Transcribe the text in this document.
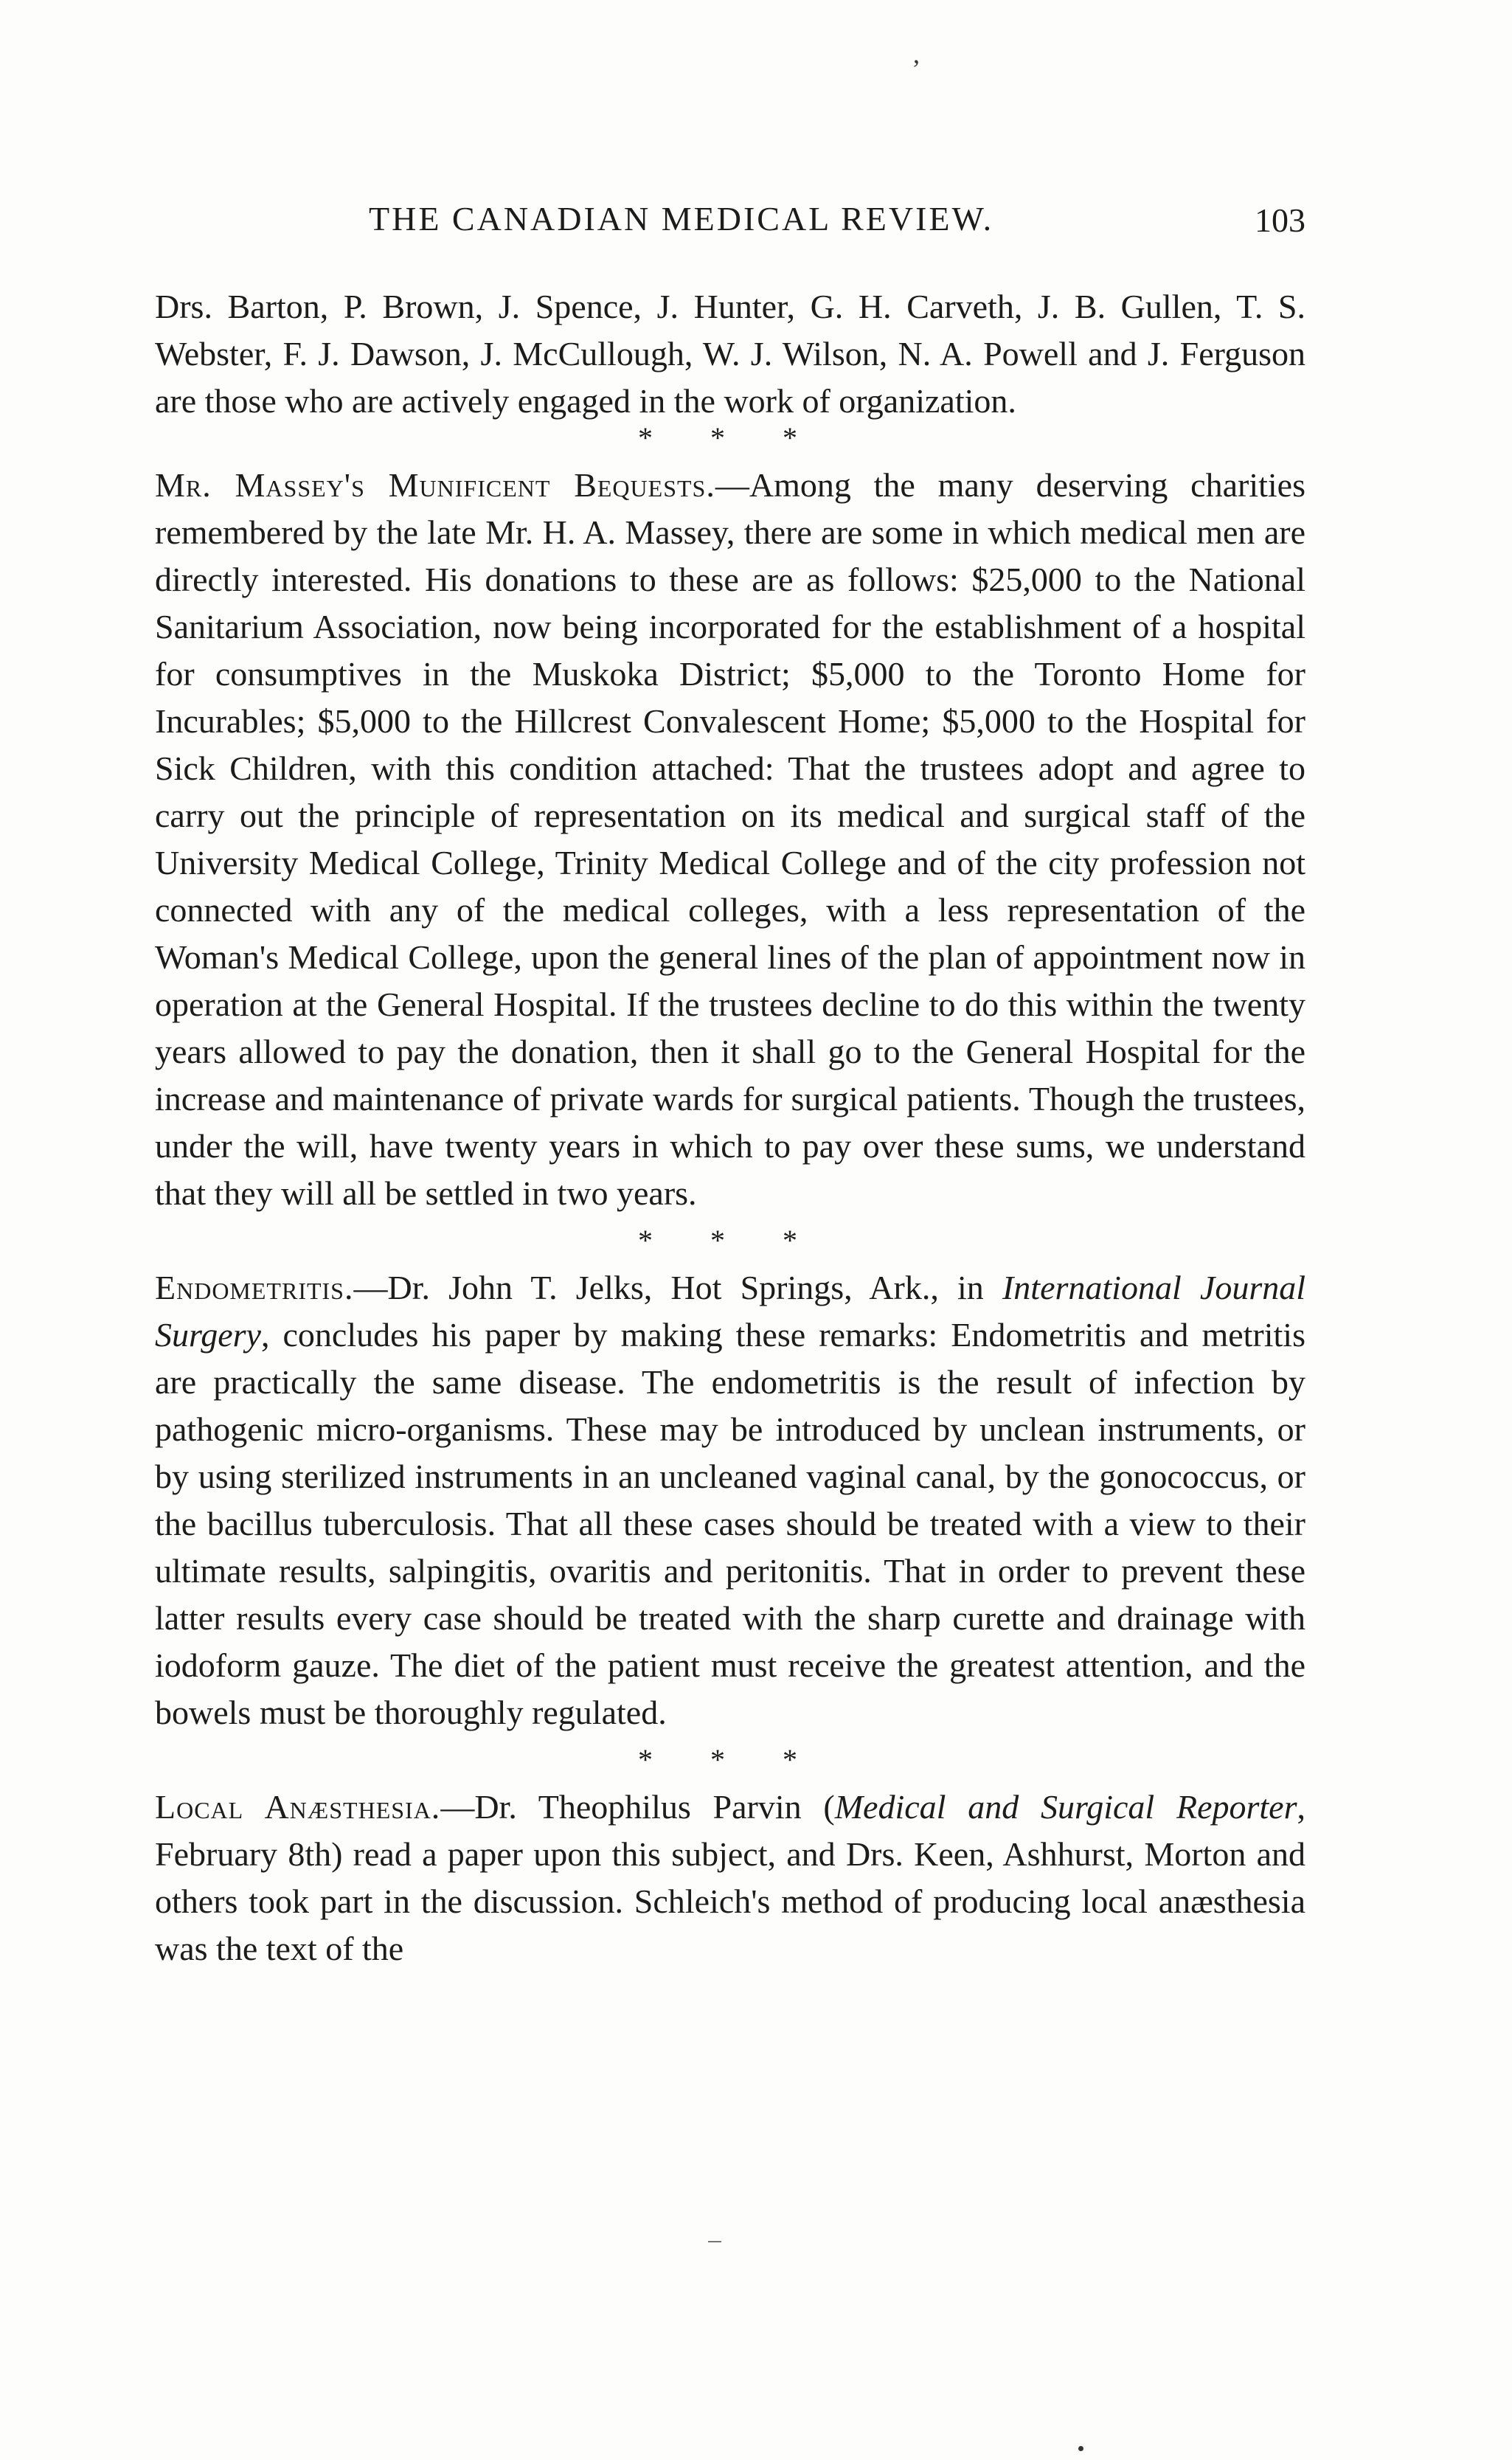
,
THE CANADIAN MEDICAL REVIEW.	103

Drs. Barton, P. Brown, J. Spence, J. Hunter, G. H. Carveth, J. B. Gullen, T. S. Webster, F. J. Dawson, J. McCullough, W. J. Wilson, N. A. Powell and J. Ferguson are those who are actively engaged in the work of organization.

* * *

Mr. Massey's Munificent Bequests.—Among the many deserving charities remembered by the late Mr. H. A. Massey, there are some in which medical men are directly interested. His donations to these are as follows: $25,000 to the National Sanitarium Association, now being incorporated for the establishment of a hospital for consumptives in the Muskoka District; $5,000 to the Toronto Home for Incurables; $5,000 to the Hillcrest Convalescent Home; $5,000 to the Hospital for Sick Children, with this condition attached: That the trustees adopt and agree to carry out the principle of representation on its medical and surgical staff of the University Medical College, Trinity Medical College and of the city profession not connected with any of the medical colleges, with a less representation of the Woman's Medical College, upon the general lines of the plan of appointment now in operation at the General Hospital. If the trustees decline to do this within the twenty years allowed to pay the donation, then it shall go to the General Hospital for the increase and maintenance of private wards for surgical patients. Though the trustees, under the will, have twenty years in which to pay over these sums, we understand that they will all be settled in two years.

* * *

Endometritis.—Dr. John T. Jelks, Hot Springs, Ark., in International Journal Surgery, concludes his paper by making these remarks: Endometritis and metritis are practically the same disease. The endometritis is the result of infection by pathogenic micro-organisms. These may be introduced by unclean instruments, or by using sterilized instruments in an uncleaned vaginal canal, by the gonococcus, or the bacillus tuberculosis. That all these cases should be treated with a view to their ultimate results, salpingitis, ovaritis and peritonitis. That in order to prevent these latter results every case should be treated with the sharp curette and drainage with iodoform gauze. The diet of the patient must receive the greatest attention, and the bowels must be thoroughly regulated.

* * *

Local Anæsthesia.—Dr. Theophilus Parvin (Medical and Surgical Reporter, February 8th) read a paper upon this subject, and Drs. Keen, Ashhurst, Morton and others took part in the discussion. Schleich's method of producing local anæsthesia was the text of the
